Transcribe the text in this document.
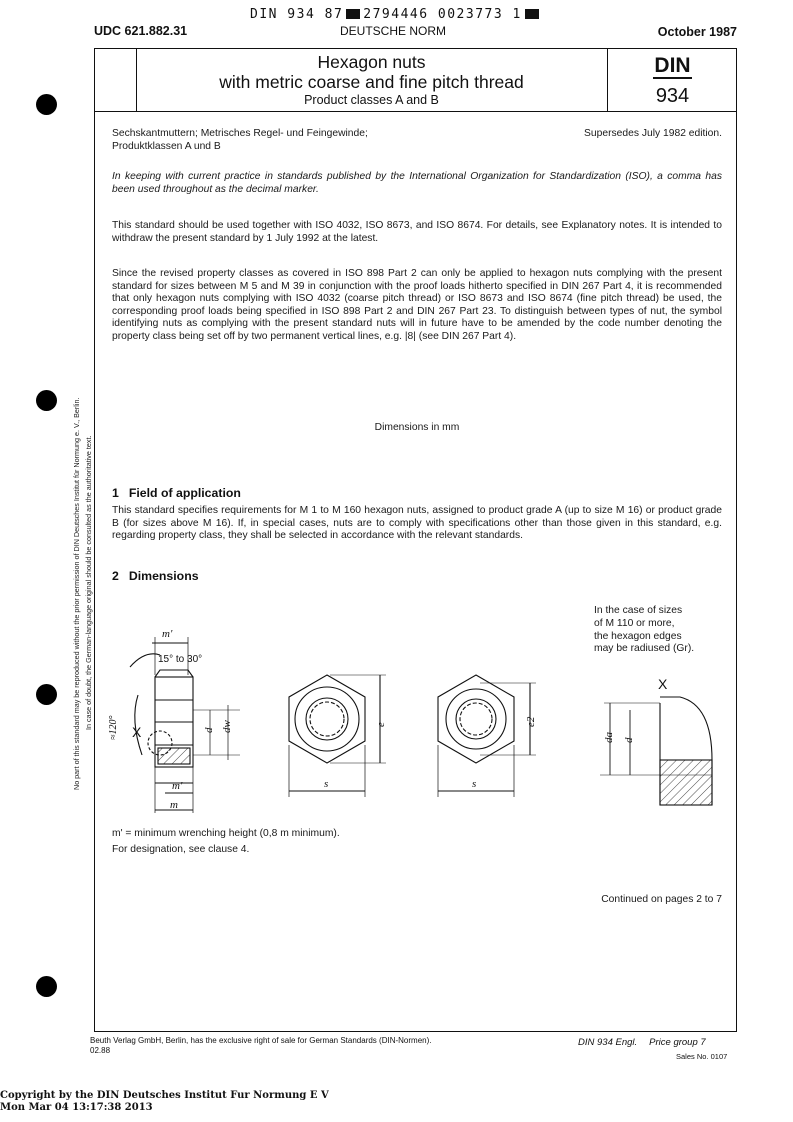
DIN 934 87 2794446 0023773 1
UDC 621.882.31	DEUTSCHE NORM	October 1987
Hexagon nuts
with metric coarse and fine pitch thread
Product classes A and B
DIN
934
No part of this standard may be reproduced without the prior permission of DIN Deutsches Institut für Normung e. V., Berlin. In case of doubt, the German-language original should be consulted as the authoritative text.
Sechskantmuttern; Metrisches Regel- und Feingewinde;
Produktklassen A und B
Supersedes July 1982 edition.
In keeping with current practice in standards published by the International Organization for Standardization (ISO), a comma has been used throughout as the decimal marker.
This standard should be used together with ISO 4032, ISO 8673, and ISO 8674. For details, see Explanatory notes. It is intended to withdraw the present standard by 1 July 1992 at the latest.
Since the revised property classes as covered in ISO 898 Part 2 can only be applied to hexagon nuts complying with the present standard for sizes between M 5 and M 39 in conjunction with the proof loads hitherto specified in DIN 267 Part 4, it is recommended that only hexagon nuts complying with ISO 4032 (coarse pitch thread) or ISO 8673 and ISO 8674 (fine pitch thread) be used, the corresponding proof loads being specified in ISO 898 Part 2 and DIN 267 Part 23. To distinguish between types of nut, the symbol identifying nuts as complying with the present standard nuts will in future have to be amended by the code number denoting the property class being set off by two permanent vertical lines, e.g. |8| (see DIN 267 Part 4).
Dimensions in mm
1 Field of application
This standard specifies requirements for M 1 to M 160 hexagon nuts, assigned to product grade A (up to size M 16) or product grade B (for sizes above M 16). If, in special cases, nuts are to comply with specifications other than those given in this standard, e.g. regarding property class, they shall be selected in accordance with the relevant standards.
2 Dimensions
In the case of sizes
of M 110 or more,
the hexagon edges
may be radiused (Gr).
m'
15° to 30°
≈120° X
m'
m
d dw	e
s
e2
s
X
da d
m' = minimum wrenching height (0,8 m minimum).
For designation, see clause 4.
Continued on pages 2 to 7
Beuth Verlag GmbH, Berlin, has the exclusive right of sale for German Standards (DIN-Normen).
02.88
DIN 934 Engl. Price group 7
Sales No. 0107
Copyright by the DIN Deutsches Institut Fur Normung E V
Mon Mar 04 13:17:38 2013
